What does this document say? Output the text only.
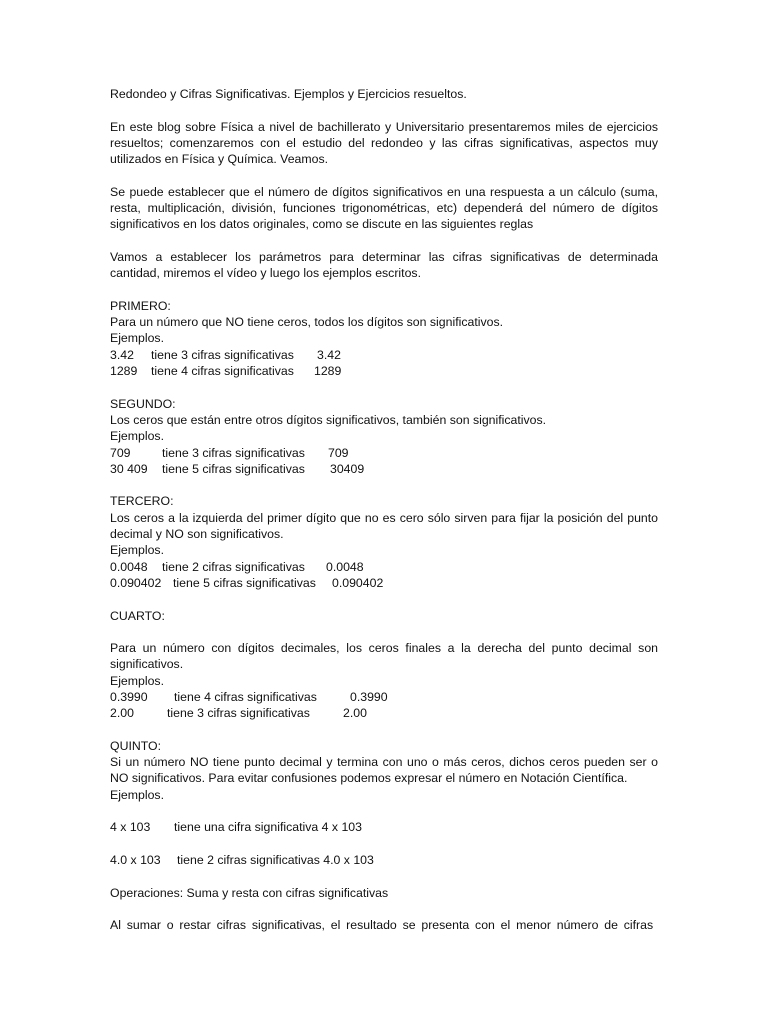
Redondeo y Cifras Significativas. Ejemplos y Ejercicios resueltos.

En este blog sobre Física a nivel de bachillerato y Universitario presentaremos miles de ejercicios resueltos; comenzaremos con el estudio del redondeo y las cifras significativas, aspectos muy utilizados en Física y Química. Veamos.

Se puede establecer que el número de dígitos significativos en una respuesta a un cálculo (suma, resta, multiplicación, división, funciones trigonométricas, etc) dependerá del número de dígitos significativos en los datos originales, como se discute en las siguientes reglas

Vamos a establecer los parámetros para determinar las cifras significativas de determinada cantidad, miremos el vídeo y luego los ejemplos escritos.

PRIMERO:
Para un número que NO tiene ceros, todos los dígitos son significativos.
Ejemplos.
3.42 tiene 3 cifras significativas 3.42
1289 tiene 4 cifras significativas 1289
SEGUNDO:
Los ceros que están entre otros dígitos significativos, también son significativos.
Ejemplos.
709	tiene 3 cifras significativas 709
30 409 tiene 5 cifras significativas 30409
TERCERO:
Los ceros a la izquierda del primer dígito que no es cero sólo sirven para fijar la posición del punto decimal y NO son significativos.
Ejemplos.
0.0048 tiene 2 cifras significativas 0.0048
0.090402 tiene 5 cifras significativas 0.090402
CUARTO:
Para un número con dígitos decimales, los ceros finales a la derecha del punto decimal son significativos.
Ejemplos.
0.3990 tiene 4 cifras significativas	0.3990
2.00	tiene 3 cifras significativas	2.00
QUINTO:
Si un número NO tiene punto decimal y termina con uno o más ceros, dichos ceros pueden ser o NO significativos. Para evitar confusiones podemos expresar el número en Notación Científica.
Ejemplos.

4 x 103 tiene una cifra significativa 4 x 103

4.0 x 103 tiene 2 cifras significativas 4.0 x 103

Operaciones: Suma y resta con cifras significativas

Al sumar o restar cifras significativas, el resultado se presenta con el menor número de cifras
